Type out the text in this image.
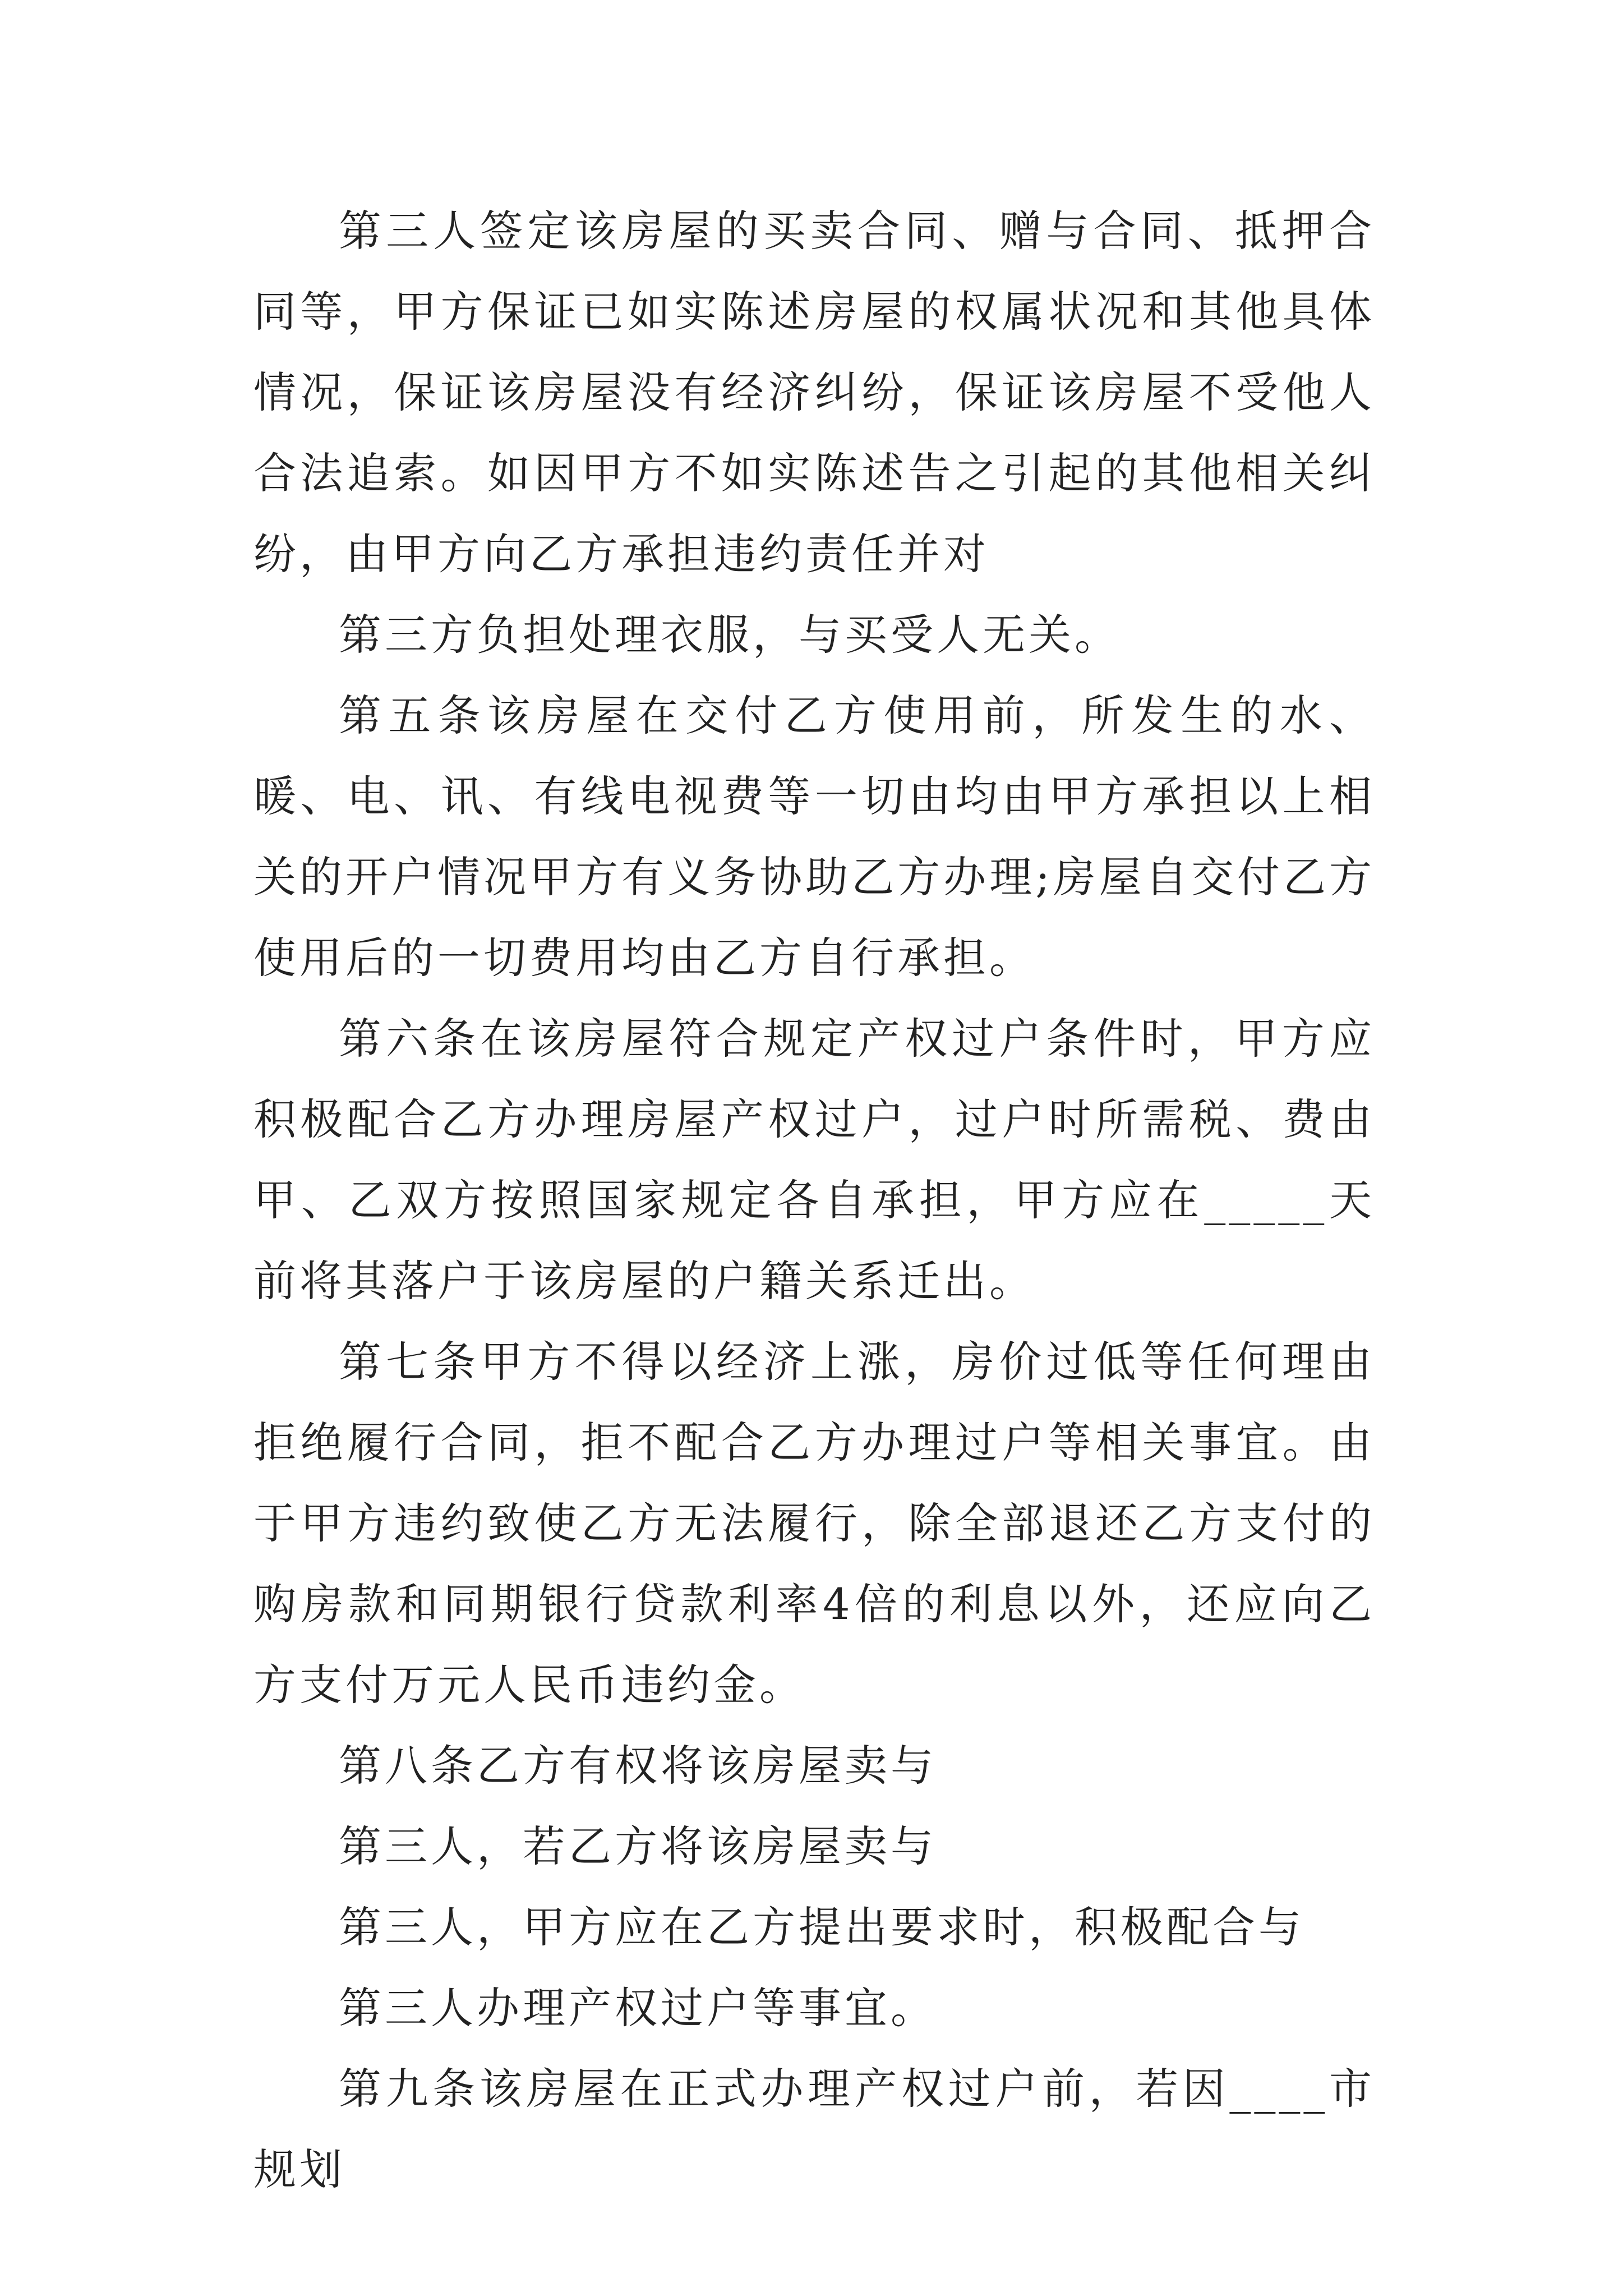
第三人签定该房屋的买卖合同、赠与合同、抵押合同等，甲方保证已如实陈述房屋的权属状况和其他具体情况，保证该房屋没有经济纠纷，保证该房屋不受他人合法追索。如因甲方不如实陈述告之引起的其他相关纠纷，由甲方向乙方承担违约责任并对

第三方负担处理衣服，与买受人无关。

第五条该房屋在交付乙方使用前，所发生的水、暖、电、讯、有线电视费等一切由均由甲方承担以上相关的开户情况甲方有义务协助乙方办理;房屋自交付乙方使用后的一切费用均由乙方自行承担。

第六条在该房屋符合规定产权过户条件时，甲方应积极配合乙方办理房屋产权过户，过户时所需税、费由甲、乙双方按照国家规定各自承担，甲方应在_____天前将其落户于该房屋的户籍关系迁出。

第七条甲方不得以经济上涨，房价过低等任何理由拒绝履行合同，拒不配合乙方办理过户等相关事宜。由于甲方违约致使乙方无法履行，除全部退还乙方支付的购房款和同期银行贷款利率4倍的利息以外，还应向乙方支付万元人民币违约金。

第八条乙方有权将该房屋卖与

第三人，若乙方将该房屋卖与

第三人，甲方应在乙方提出要求时，积极配合与

第三人办理产权过户等事宜。

第九条该房屋在正式办理产权过户前，若因____市规划
